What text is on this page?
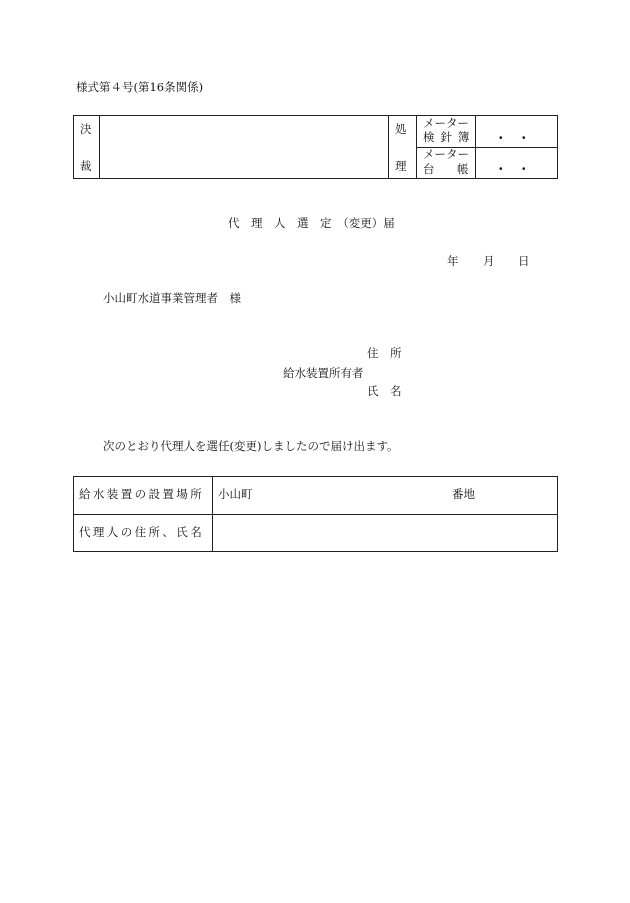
様式第４号(第16条関係)
決
裁
処
理
メーター
検 針 簿
メーター
台 帳
・　・
・　・
代　理　人　選　定　（変更）届
年 月 日
小山町水道事業管理者　様
住　所
給水装置所有者
氏　名
次のとおり代理人を選任(変更)しましたので届け出ます。
給水装置の設置場所 小山町	番地
代理人の住所、氏名
